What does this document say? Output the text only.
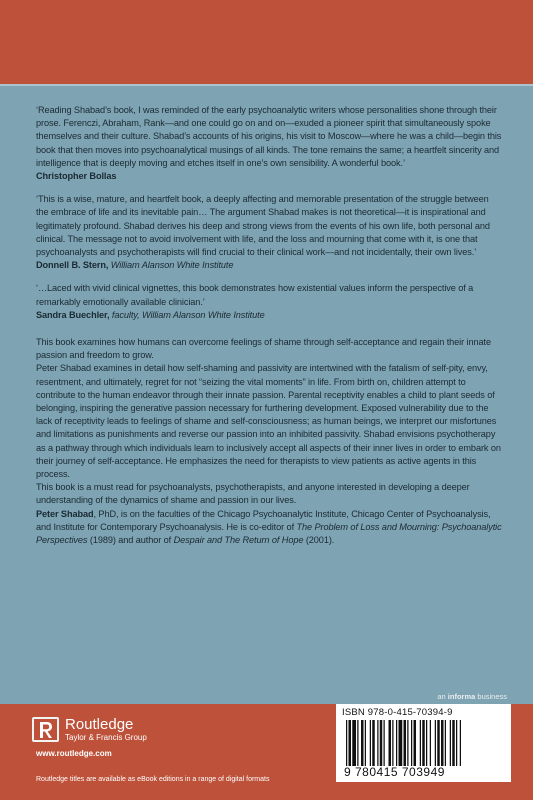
‘Reading Shabad’s book, I was reminded of the early psychoanalytic writers whose personalities shone through their prose. Ferenczi, Abraham, Rank—and one could go on and on—exuded a pioneer spirit that simultaneously spoke themselves and their culture. Shabad’s accounts of his origins, his visit to Moscow—where he was a child—begin this book that then moves into psychoanalytical musings of all kinds. The tone remains the same; a heartfelt sincerity and intelligence that is deeply moving and etches itself in one’s own sensibility. A wonderful book.’

Christopher Bollas

‘This is a wise, mature, and heartfelt book, a deeply affecting and memorable presentation of the struggle between the embrace of life and its inevitable pain… The argument Shabad makes is not theoretical—it is inspirational and legitimately profound. Shabad derives his deep and strong views from the events of his own life, both personal and clinical. The message not to avoid involvement with life, and the loss and mourning that come with it, is one that psychoanalysts and psychotherapists will find crucial to their clinical work—and not incidentally, their own lives.’

Donnell B. Stern, William Alanson White Institute

‘…Laced with vivid clinical vignettes, this book demonstrates how existential values inform the perspective of a remarkably emotionally available clinician.’

Sandra Buechler, faculty, William Alanson White Institute

This book examines how humans can overcome feelings of shame through self-acceptance and regain their innate passion and freedom to grow.

Peter Shabad examines in detail how self-shaming and passivity are intertwined with the fatalism of self-pity, envy, resentment, and ultimately, regret for not “seizing the vital moments” in life. From birth on, children attempt to contribute to the human endeavor through their innate passion. Parental receptivity enables a child to plant seeds of belonging, inspiring the generative passion necessary for furthering development. Exposed vulnerability due to the lack of receptivity leads to feelings of shame and self-consciousness; as human beings, we interpret our misfortunes and limitations as punishments and reverse our passion into an inhibited passivity. Shabad envisions psychotherapy as a pathway through which individuals learn to inclusively accept all aspects of their inner lives in order to embark on their journey of self-acceptance. He emphasizes the need for therapists to view patients as active agents in this process.

This book is a must read for psychoanalysts, psychotherapists, and anyone interested in developing a deeper understanding of the dynamics of shame and passion in our lives.

Peter Shabad, PhD, is on the faculties of the Chicago Psychoanalytic Institute, Chicago Center of Psychoanalysis, and Institute for Contemporary Psychoanalysis. He is co-editor of The Problem of Loss and Mourning: Psychoanalytic Perspectives (1989) and author of Despair and The Return of Hope (2001).

an informa business
Routledge
Taylor & Francis Group
www.routledge.com
Routledge titles are available as eBook editions in a range of digital formats
ISBN 978-0-415-70394-9
9 780415 703949
